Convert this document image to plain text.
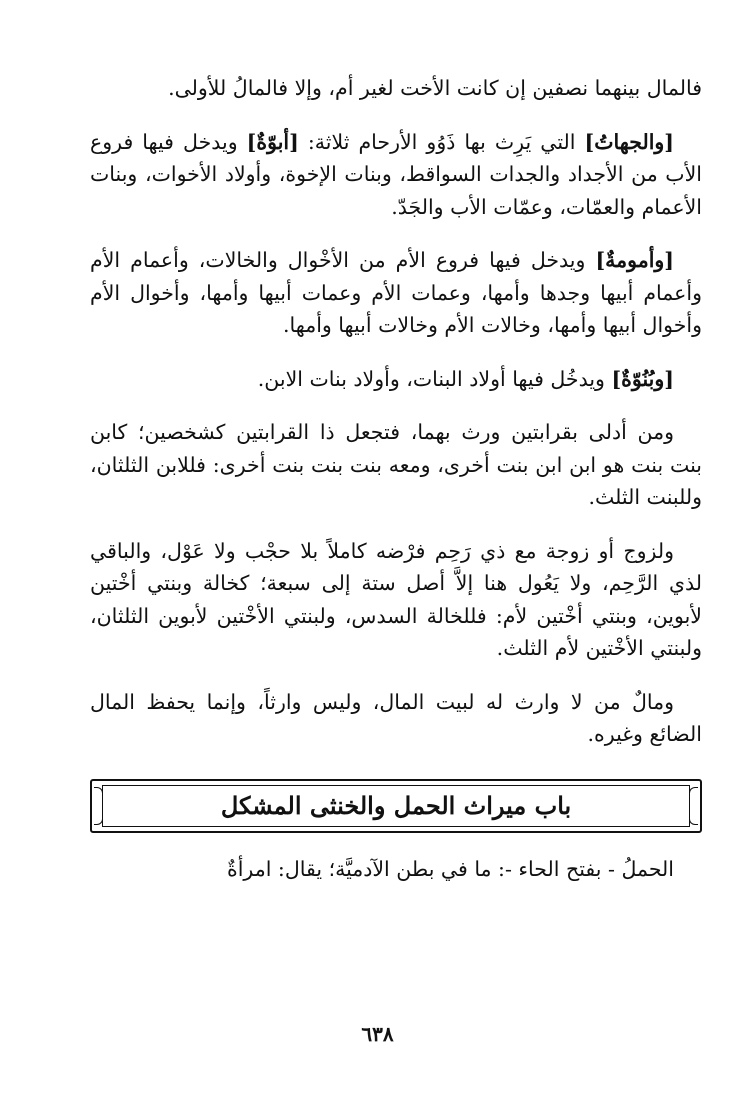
فالمال بينهما نصفين إن كانت الأخت لغير أم، وإلا فالمالُ للأولى.

[والجهاتُ] التي يَرِث بها ذَوُو الأرحام ثلاثة: [أبوّةٌ] ويدخل فيها فروع الأب من الأجداد والجدات السواقط، وبنات الإخوة، وأولاد الأخوات، وبنات الأعمام والعمّات، وعمّات الأب والجَدّ.

[وأمومةٌ] ويدخل فيها فروع الأم من الأخْوال والخالات، وأعمام الأم وأعمام أبيها وجدها وأمها، وعمات الأم وعمات أبيها وأمها، وأخوال الأم وأخوال أبيها وأمها، وخالات الأم وخالات أبيها وأمها.

[وبُنُوّةٌ] ويدخُل فيها أولاد البنات، وأولاد بنات الابن.

ومن أدلى بقرابتين ورث بهما، فتجعل ذا القرابتين كشخصين؛ كابن بنت بنت هو ابن ابن بنت أخرى، ومعه بنت بنت بنت أخرى: فللابن الثلثان، وللبنت الثلث.

ولزوج أو زوجة مع ذي رَحِم فرْضه كاملاً بلا حجْب ولا عَوْل، والباقي لذي الرَّحِم، ولا يَعُول هنا إلاَّ أصل ستة إلى سبعة؛ كخالة وبنتي أخْتين لأبوين، وبنتي أخْتين لأم: فللخالة السدس، ولبنتي الأخْتين لأبوين الثلثان، ولبنتي الأخْتين لأم الثلث.

ومالٌ من لا وارث له لبيت المال، وليس وارثاً، وإنما يحفظ المال الضائع وغيره.

باب ميراث الحمل والخنثى المشكل

الحملُ - بفتح الحاء -: ما في بطن الآدميَّة؛ يقال: امرأةٌ

٦٣٨
